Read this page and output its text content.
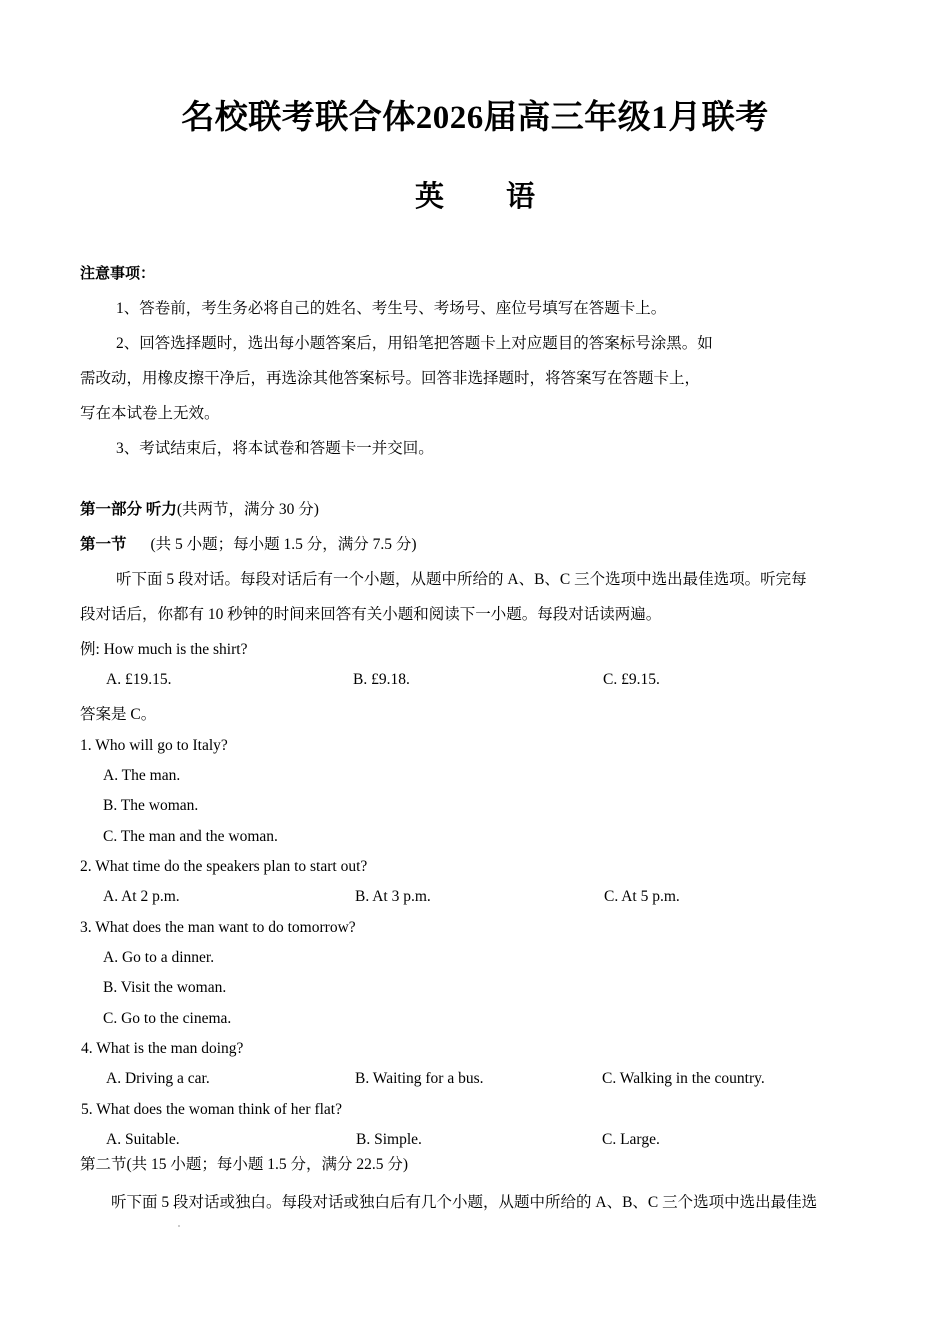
名校联考联合体2026届高三年级1月联考
英 语
注意事项：
1、答卷前，考生务必将自己的姓名、考生号、考场号、座位号填写在答题卡上。
2、回答选择题时，选出每小题答案后，用铅笔把答题卡上对应题目的答案标号涂黑。如
需改动，用橡皮擦干净后，再选涂其他答案标号。回答非选择题时，将答案写在答题卡上，
写在本试卷上无效。
3、考试结束后，将本试卷和答题卡一并交回。
第一部分 听力(共两节，满分 30 分)
第一节 (共 5 小题；每小题 1.5 分，满分 7.5 分)
听下面 5 段对话。每段对话后有一个小题，从题中所给的 A、B、C 三个选项中选出最佳选项。听完每
段对话后，你都有 10 秒钟的时间来回答有关小题和阅读下一小题。每段对话读两遍。
例: How much is the shirt?
A. £19.15.	B. £9.18.	C. £9.15.
答案是 C。
1. Who will go to Italy?
A. The man.
B. The woman.
C. The man and the woman.
2. What time do the speakers plan to start out?
A. At 2 p.m.	B. At 3 p.m.	C. At 5 p.m.
3. What does the man want to do tomorrow?
A. Go to a dinner.
B. Visit the woman.
C. Go to the cinema.
4. What is the man doing?
A. Driving a car.	B. Waiting for a bus.	C. Walking in the country.
5. What does the woman think of her flat?
A. Suitable.	B. Simple.	C. Large.
第二节(共 15 小题；每小题 1.5 分，满分 22.5 分)
听下面 5 段对话或独白。每段对话或独白后有几个小题，从题中所给的 A、B、C 三个选项中选出最佳选
